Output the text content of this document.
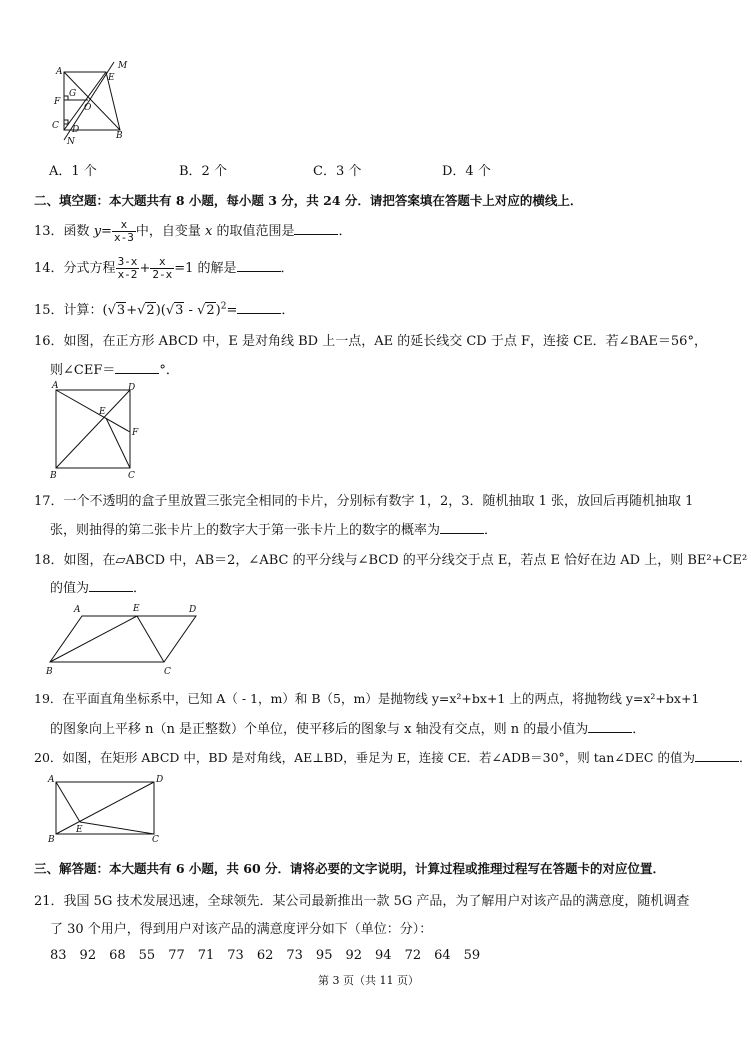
A
M
E
F
G
O
C D
B
N
A．1 个	B．2 个	C．3 个	D．4 个
二、填空题：本大题共有 8 小题，每小题 3 分，共 24 分．请把答案填在答题卡上对应的横线上．
13．函数 $y= \frac{x}{x-3}$ 中，自变量 x 的取值范围是	．
14．分式方程 $\frac{3-x}{x-2} + \frac{x}{2-x} =1$ 的解是	．
15．计算：(√3+√2)(√3 - √2)$^2$=	．
16．如图，在正方形 ABCD 中，E 是对角线 BD 上一点，AE 的延长线交 CD 于点 F，连接 CE．若∠BAE＝56°，
则∠CEF＝	°．
A	D
E
F
B	C
17．一个不透明的盒子里放置三张完全相同的卡片，分别标有数字 1，2，3．随机抽取 1 张，放回后再随机抽取 1
张，则抽得的第二张卡片上的数字大于第一张卡片上的数字的概率为	．
18．如图，在▱ABCD 中，AB＝2，∠ABC 的平分线与∠BCD 的平分线交于点 E，若点 E 恰好在边 AD 上，则 BE²+CE²
的值为	．
A	E	D
B	C
19．在平面直角坐标系中，已知 A（ - 1，m）和 B（5，m）是抛物线 y=x²+bx+1 上的两点，将抛物线 y=x²+bx+1
的图象向上平移 n（n 是正整数）个单位，使平移后的图象与 x 轴没有交点，则 n 的最小值为	．
20．如图，在矩形 ABCD 中，BD 是对角线，AE⊥BD，垂足为 E，连接 CE．若∠ADB＝30°，则 tan∠DEC 的值为	．
A	D
E
B	C
三、解答题：本大题共有 6 小题，共 60 分．请将必要的文字说明，计算过程或推理过程写在答题卡的对应位置．
21．我国 5G 技术发展迅速，全球领先．某公司最新推出一款 5G 产品，为了解用户对该产品的满意度，随机调查
了 30 个用户，得到用户对该产品的满意度评分如下（单位：分）：
83 92 68 55 77 71 73 62 73 95 92 94 72 64 59
第 3 页（共 11 页）
